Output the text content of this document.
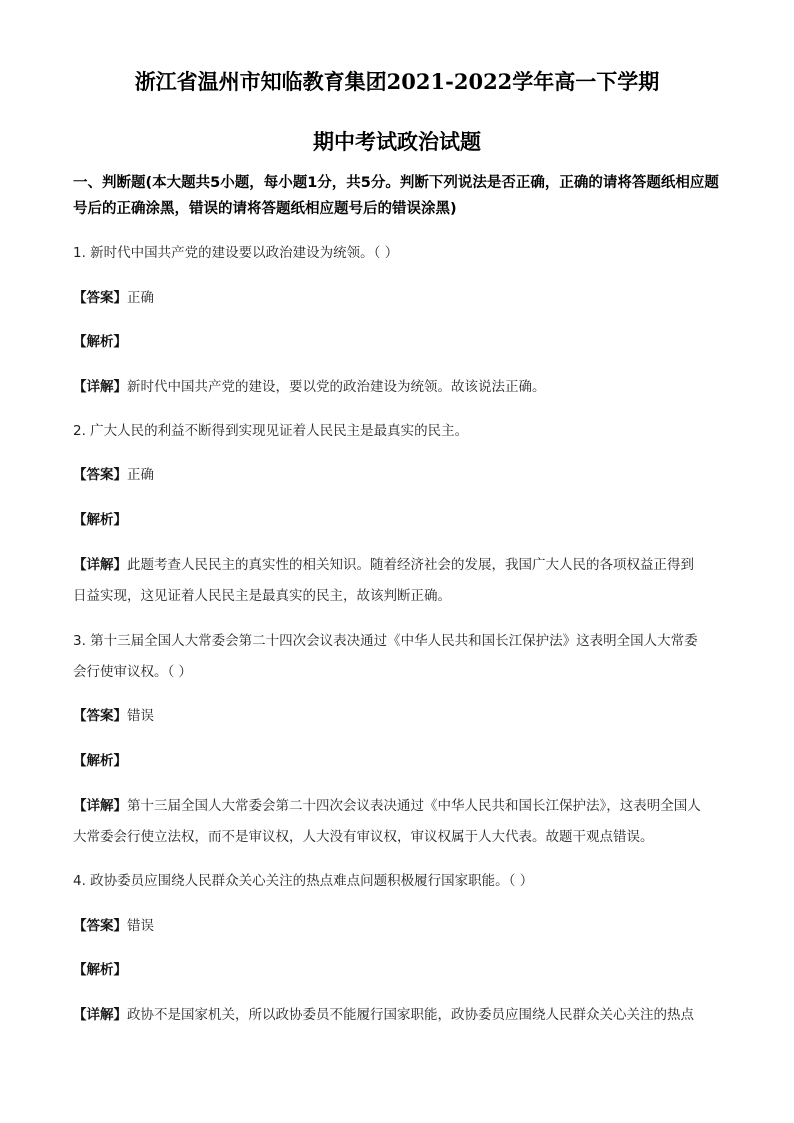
浙江省温州市知临教育集团2021-2022学年高一下学期
期中考试政治试题
一、判断题(本大题共5小题，每小题1分，共5分。判断下列说法是否正确，正确的请将答题纸相应题号后的正确涂黑，错误的请将答题纸相应题号后的错误涂黑)
1. 新时代中国共产党的建设要以政治建设为统领。（ ）
【答案】正确
【解析】
【详解】新时代中国共产党的建设，要以党的政治建设为统领。故该说法正确。
2. 广大人民的利益不断得到实现见证着人民民主是最真实的民主。
【答案】正确
【解析】
【详解】此题考查人民民主的真实性的相关知识。随着经济社会的发展，我国广大人民的各项权益正得到
日益实现，这见证着人民民主是最真实的民主，故该判断正确。
3. 第十三届全国人大常委会第二十四次会议表决通过《中华人民共和国长江保护法》这表明全国人大常委
会行使审议权。（ ）
【答案】错误
【解析】
【详解】第十三届全国人大常委会第二十四次会议表决通过《中华人民共和国长江保护法》，这表明全国人
大常委会行使立法权，而不是审议权，人大没有审议权，审议权属于人大代表。故题干观点错误。
4. 政协委员应围绕人民群众关心关注的热点难点问题积极履行国家职能。（ ）
【答案】错误
【解析】
【详解】政协不是国家机关，所以政协委员不能履行国家职能，政协委员应围绕人民群众关心关注的热点
